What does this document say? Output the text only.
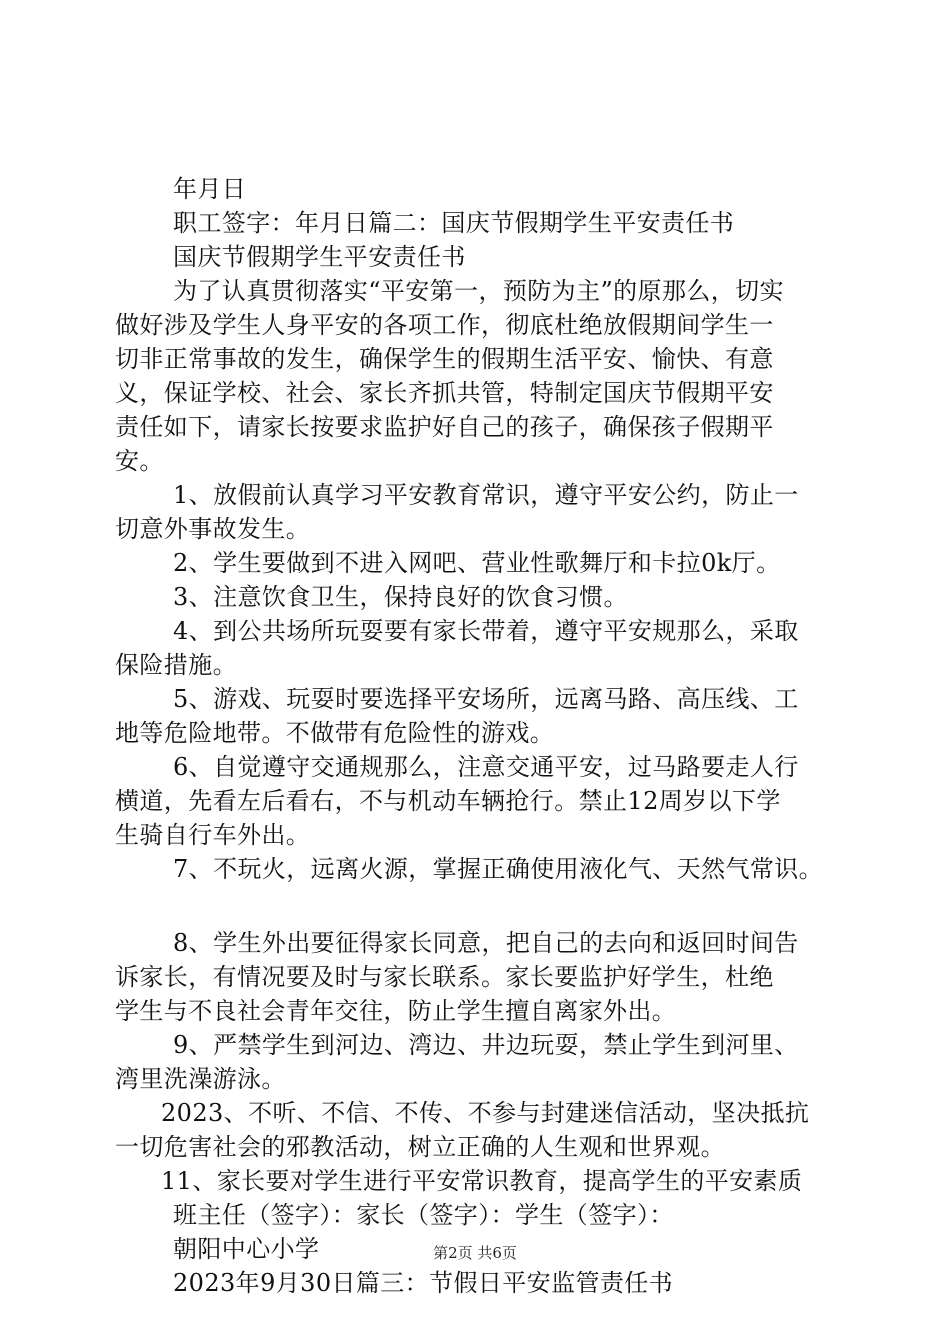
年月日
职工签字：年月日篇二：国庆节假期学生平安责任书
国庆节假期学生平安责任书
为了认真贯彻落实“平安第一，预防为主”的原那么，切实
做好涉及学生人身平安的各项工作，彻底杜绝放假期间学生一
切非正常事故的发生，确保学生的假期生活平安、愉快、有意
义，保证学校、社会、家长齐抓共管，特制定国庆节假期平安
责任如下，请家长按要求监护好自己的孩子，确保孩子假期平
安。
1、放假前认真学习平安教育常识，遵守平安公约，防止一
切意外事故发生。
2、学生要做到不进入网吧、营业性歌舞厅和卡拉0k厅。
3、注意饮食卫生，保持良好的饮食习惯。
4、到公共场所玩耍要有家长带着，遵守平安规那么，采取
保险措施。
5、游戏、玩耍时要选择平安场所，远离马路、高压线、工
地等危险地带。不做带有危险性的游戏。
6、自觉遵守交通规那么，注意交通平安，过马路要走人行
横道，先看左后看右，不与机动车辆抢行。禁止12周岁以下学
生骑自行车外出。
7、不玩火，远离火源，掌握正确使用液化气、天然气常识。
8、学生外出要征得家长同意，把自己的去向和返回时间告
诉家长，有情况要及时与家长联系。家长要监护好学生，杜绝
学生与不良社会青年交往，防止学生擅自离家外出。
9、严禁学生到河边、湾边、井边玩耍，禁止学生到河里、
湾里洗澡游泳。
2023、不听、不信、不传、不参与封建迷信活动，坚决抵抗
一切危害社会的邪教活动，树立正确的人生观和世界观。
11、家长要对学生进行平安常识教育，提高学生的平安素质
班主任（签字）：家长（签字）：学生（签字）：
朝阳中心小学
2023年9月30日篇三：节假日平安监管责任书
第2页 共6页
